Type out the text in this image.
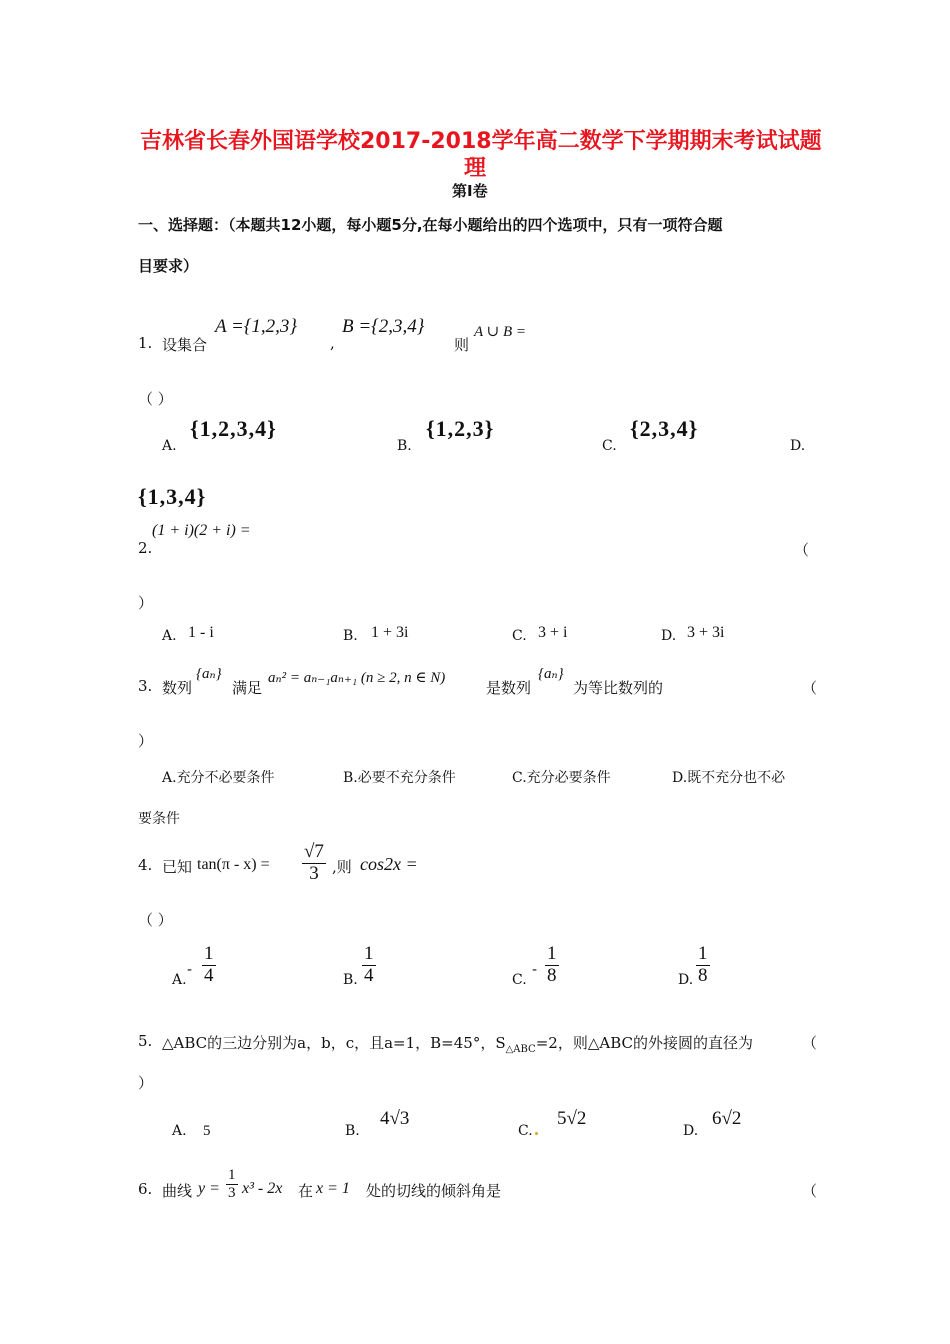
吉林省长春外国语学校2017-2018学年高二数学下学期期末考试试题
理
第Ⅰ卷
一、选择题：（本题共12小题，每小题5分,在每小题给出的四个选项中，只有一项符合题
目要求）
1. 设集合
A ={1,2,3}
,
B ={2,3,4}
则
A ∪ B =
（ ）
A.
{1,2,3,4}
B.
{1,2,3}
C.
{2,3,4}
D.
{1,3,4}
(1 + i)(2 + i) =
2.	（
）
A. 1 - i	B. 1 + 3i	C. 3 + i	D. 3 + 3i
3. 数列
{aₙ}
满足
aₙ² = aₙ₋₁aₙ₊₁ (n ≥ 2, n ∈ N)
是数列
{aₙ}
为等比数列的	（
）
A.充分不必要条件	B.必要不充分条件	C.充分必要条件	D.既不充分也不必
要条件
4. 已知 $\tan(\pi - x) = \frac{√7}{3}$ ,则 cos2x =
（ ）
A.
- $\frac{1}{4}$	B. $\frac{1}{4}$	C.
- $\frac{1}{8}$	D. $\frac{1}{8}$
5. △ABC的三边分别为a，b，c，且a=1，B=45°，$S_{\triangle ABC}=2$，则△ABC的外接圆的直径为	（
）
A. 5	B.
4√3
C.
5√2
D.
6√2
6. 曲线 $y = \frac{1}{3} x^3 - 2x$ 在 x = 1 处的切线的倾斜角是	（
